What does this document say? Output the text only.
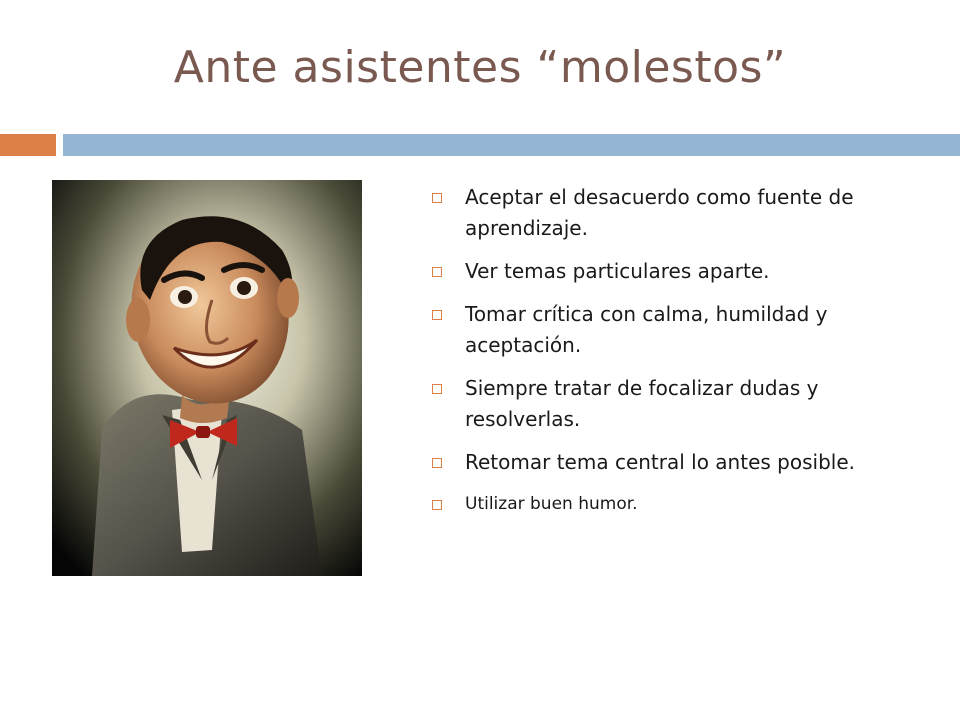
Ante asistentes “molestos”
Aceptar el desacuerdo como fuente de aprendizaje.
Ver temas particulares aparte.
Tomar crítica con calma, humildad y aceptación.
Siempre tratar de focalizar dudas y resolverlas.
Retomar tema central lo antes posible.
Utilizar buen humor.
